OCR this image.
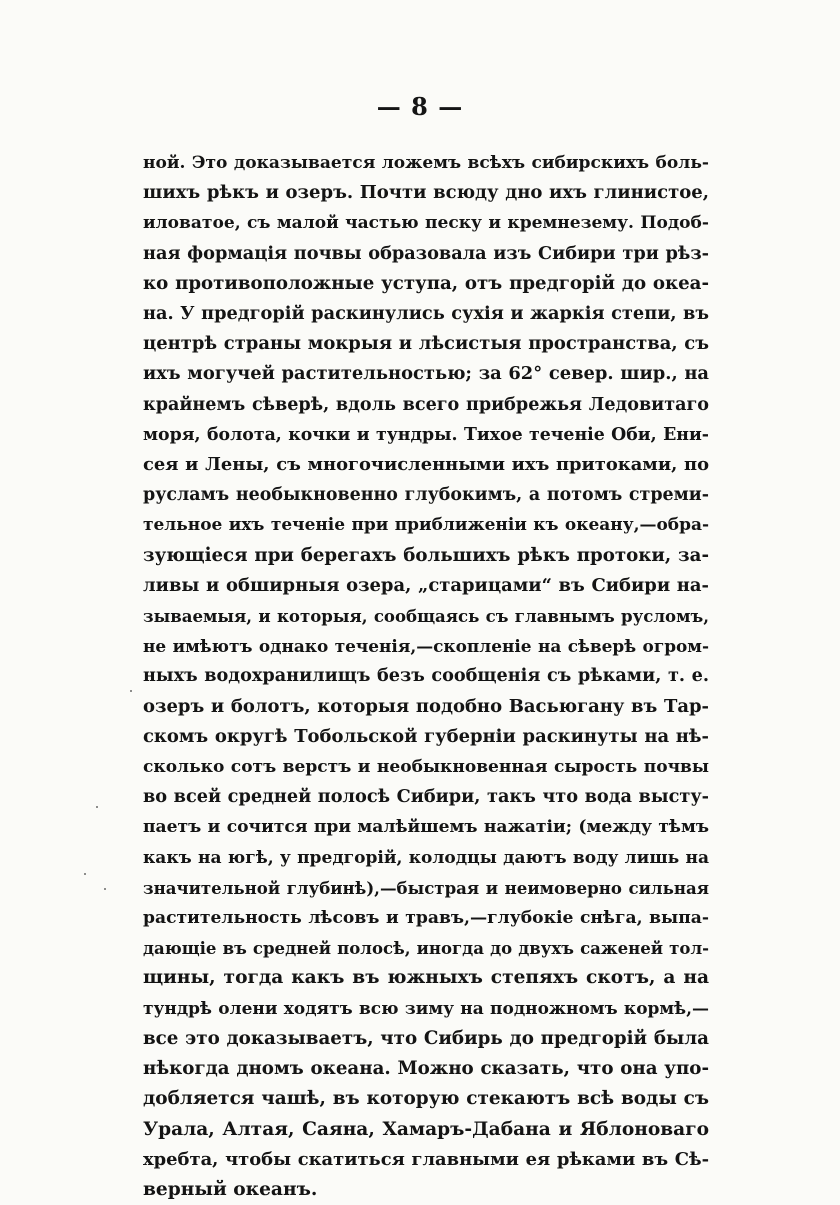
— 8 —
ной. Это доказывается ложемъ всѣхъ сибирскихъ боль-
шихъ рѣкъ и озеръ. Почти всюду дно ихъ глинистое,
иловатое, съ малой частью песку и кремнезему. Подоб-
ная формація почвы образовала изъ Сибири три рѣз-
ко противоположные уступа, отъ предгорій до океа-
на. У предгорій раскинулись сухія и жаркія степи, въ
центрѣ страны мокрыя и лѣсистыя пространства, съ
ихъ могучей растительностью; за 62° север. шир., на
крайнемъ сѣверѣ, вдоль всего прибрежья Ледовитаго
моря, болота, кочки и тундры. Тихое теченіе Оби, Ени-
сея и Лены, съ многочисленными ихъ притоками, по
русламъ необыкновенно глубокимъ, а потомъ стреми-
тельное ихъ теченіе при приближеніи къ океану,—обра-
зующіеся при берегахъ большихъ рѣкъ протоки, за-
ливы и обширныя озера, „старицами“ въ Сибири на-
зываемыя, и которыя, сообщаясь съ главнымъ русломъ,
не имѣютъ однако теченія,—скопленіе на сѣверѣ огром-
ныхъ водохранилищъ безъ сообщенія съ рѣками, т. е.
озеръ и болотъ, которыя подобно Васьюгану въ Тар-
скомъ округѣ Тобольской губерніи раскинуты на нѣ-
сколько сотъ верстъ и необыкновенная сырость почвы
во всей средней полосѣ Сибири, такъ что вода высту-
паетъ и сочится при малѣйшемъ нажатіи; (между тѣмъ
какъ на югѣ, у предгорій, колодцы даютъ воду лишь на
значительной глубинѣ),—быстрая и неимоверно сильная
растительность лѣсовъ и травъ,—глубокіе снѣга, выпа-
дающіе въ средней полосѣ, иногда до двухъ саженей тол-
щины, тогда какъ въ южныхъ степяхъ скотъ, а на
тундрѣ олени ходятъ всю зиму на подножномъ кормѣ,—
все это доказываетъ, что Сибирь до предгорій была
нѣкогда дномъ океана. Можно сказать, что она упо-
добляется чашѣ, въ которую стекаютъ всѣ воды съ
Урала, Алтая, Саяна, Хамаръ-Дабана и Яблоноваго
хребта, чтобы скатиться главными ея рѣками въ Сѣ-
верный океанъ.
